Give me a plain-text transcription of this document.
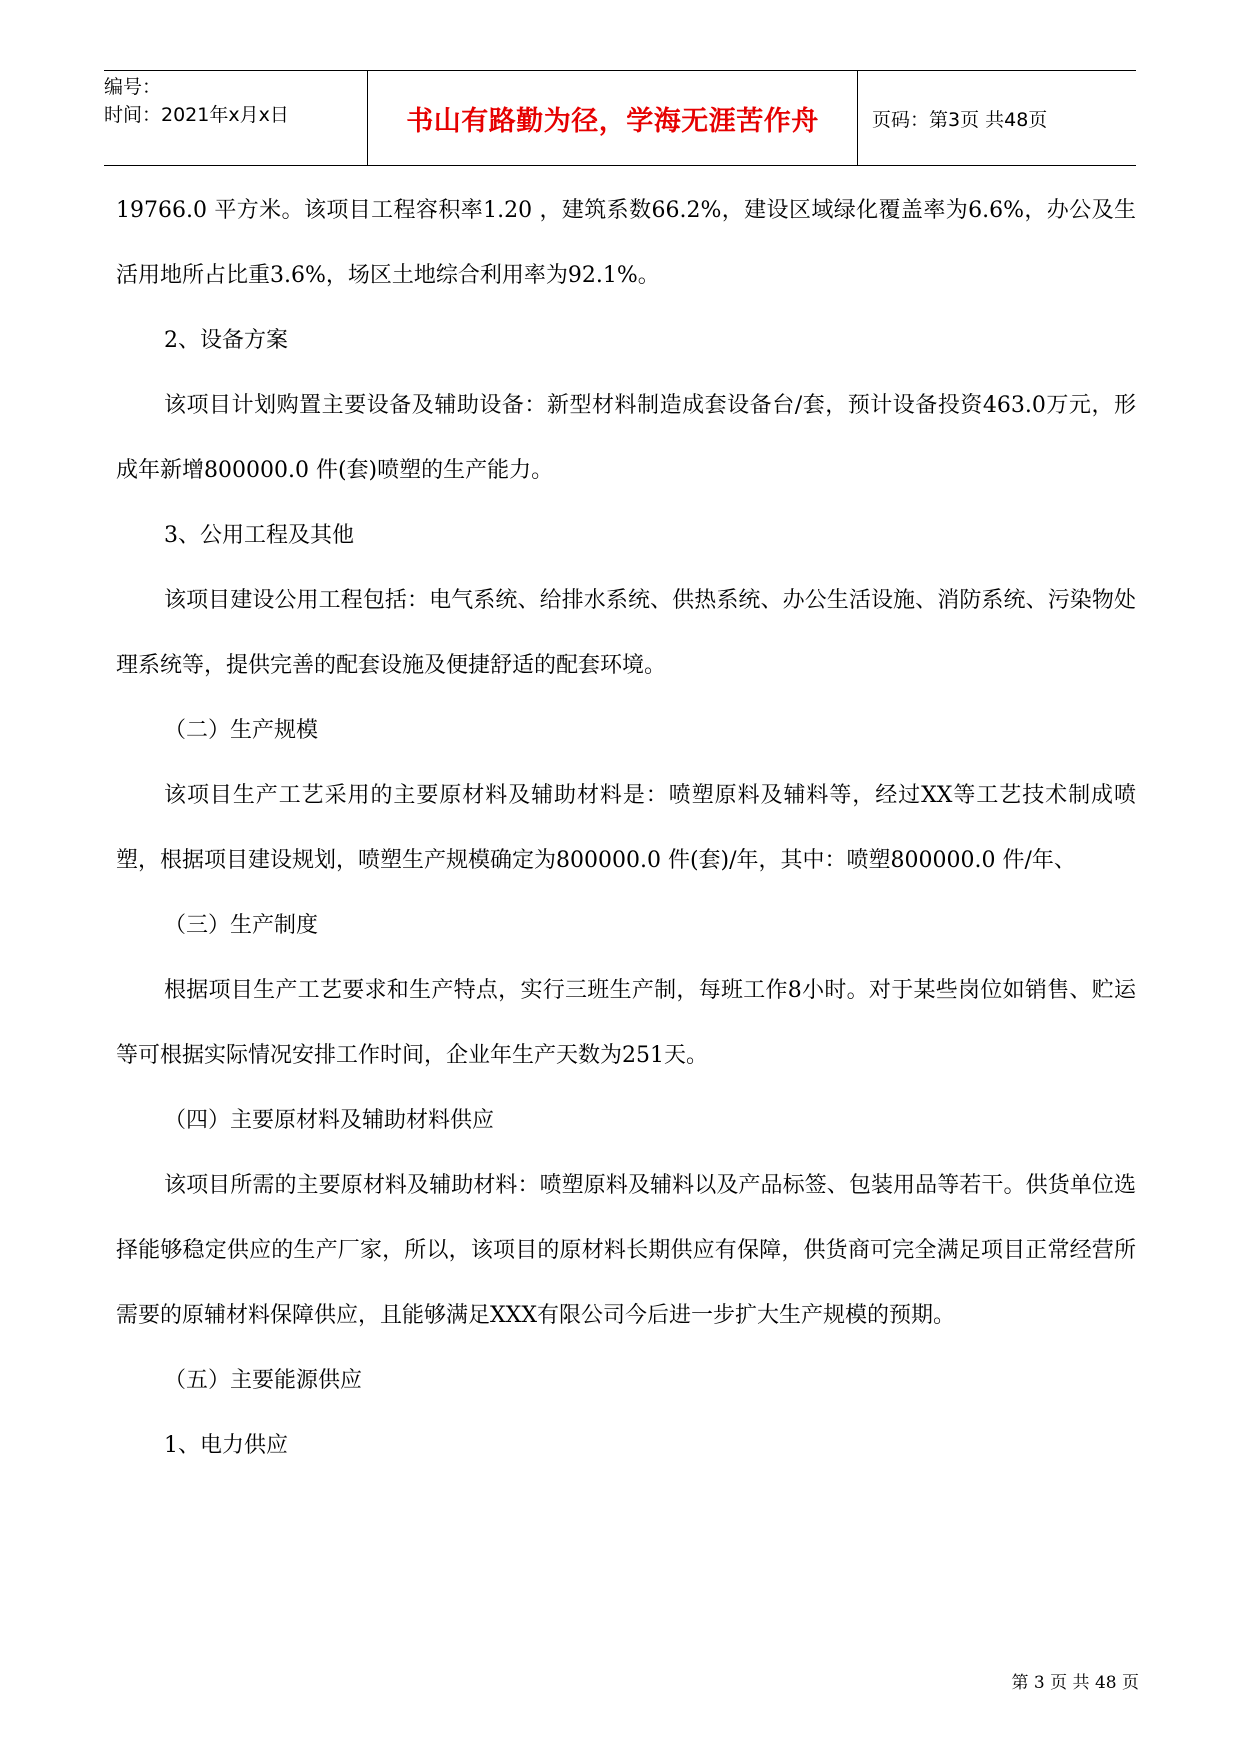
编号：
时间：2021年x月x日	书山有路勤为径，学海无涯苦作舟	页码：第3页 共48页

19766.0 平方米。该项目工程容积率1.20 ，建筑系数66.2%，建设区域绿化覆盖率为6.6%，办公及生活用地所占比重3.6%，场区土地综合利用率为92.1%。

2、设备方案

该项目计划购置主要设备及辅助设备：新型材料制造成套设备台/套，预计设备投资463.0万元，形成年新增800000.0 件(套)喷塑的生产能力。

3、公用工程及其他

该项目建设公用工程包括：电气系统、给排水系统、供热系统、办公生活设施、消防系统、污染物处理系统等，提供完善的配套设施及便捷舒适的配套环境。

（二）生产规模

该项目生产工艺采用的主要原材料及辅助材料是：喷塑原料及辅料等，经过XX等工艺技术制成喷塑，根据项目建设规划，喷塑生产规模确定为800000.0 件(套)/年，其中：喷塑800000.0 件/年、

（三）生产制度

根据项目生产工艺要求和生产特点，实行三班生产制，每班工作8小时。对于某些岗位如销售、贮运等可根据实际情况安排工作时间，企业年生产天数为251天。

（四）主要原材料及辅助材料供应

该项目所需的主要原材料及辅助材料：喷塑原料及辅料以及产品标签、包装用品等若干。供货单位选择能够稳定供应的生产厂家，所以，该项目的原材料长期供应有保障，供货商可完全满足项目正常经营所需要的原辅材料保障供应，且能够满足XXX有限公司今后进一步扩大生产规模的预期。

（五）主要能源供应

1、电力供应

第 3 页 共 48 页
